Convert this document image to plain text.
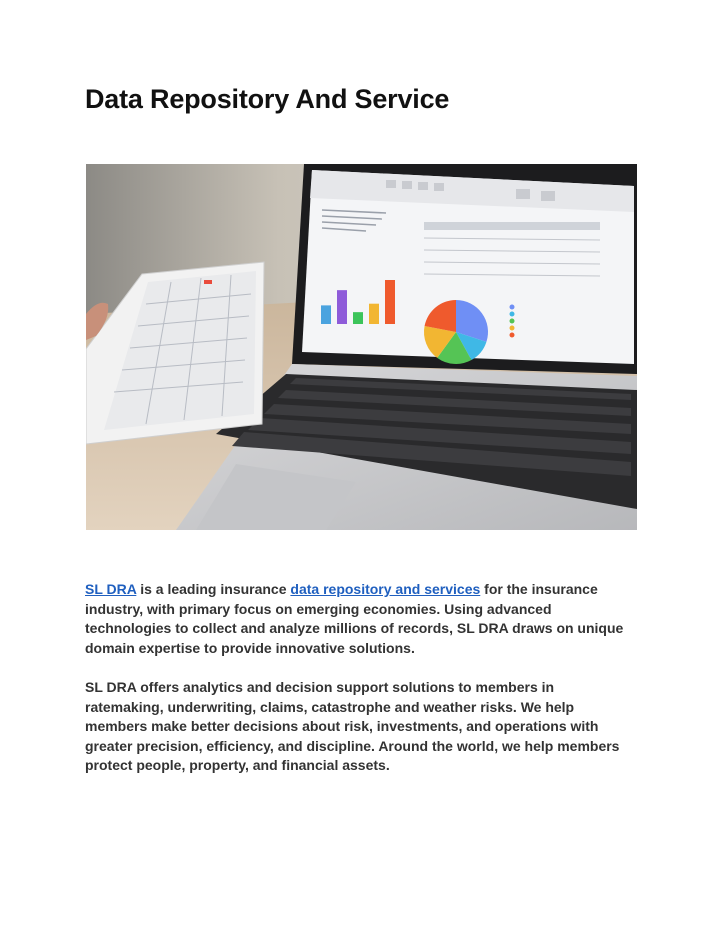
Data Repository And Service

SL DRA is a leading insurance data repository and services for the insurance industry, with primary focus on emerging economies. Using advanced technologies to collect and analyze millions of records, SL DRA draws on unique domain expertise to provide innovative solutions.

SL DRA offers analytics and decision support solutions to members in ratemaking, underwriting, claims, catastrophe and weather risks. We help members make better decisions about risk, investments, and operations with greater precision, efficiency, and discipline. Around the world, we help members protect people, property, and financial assets.
